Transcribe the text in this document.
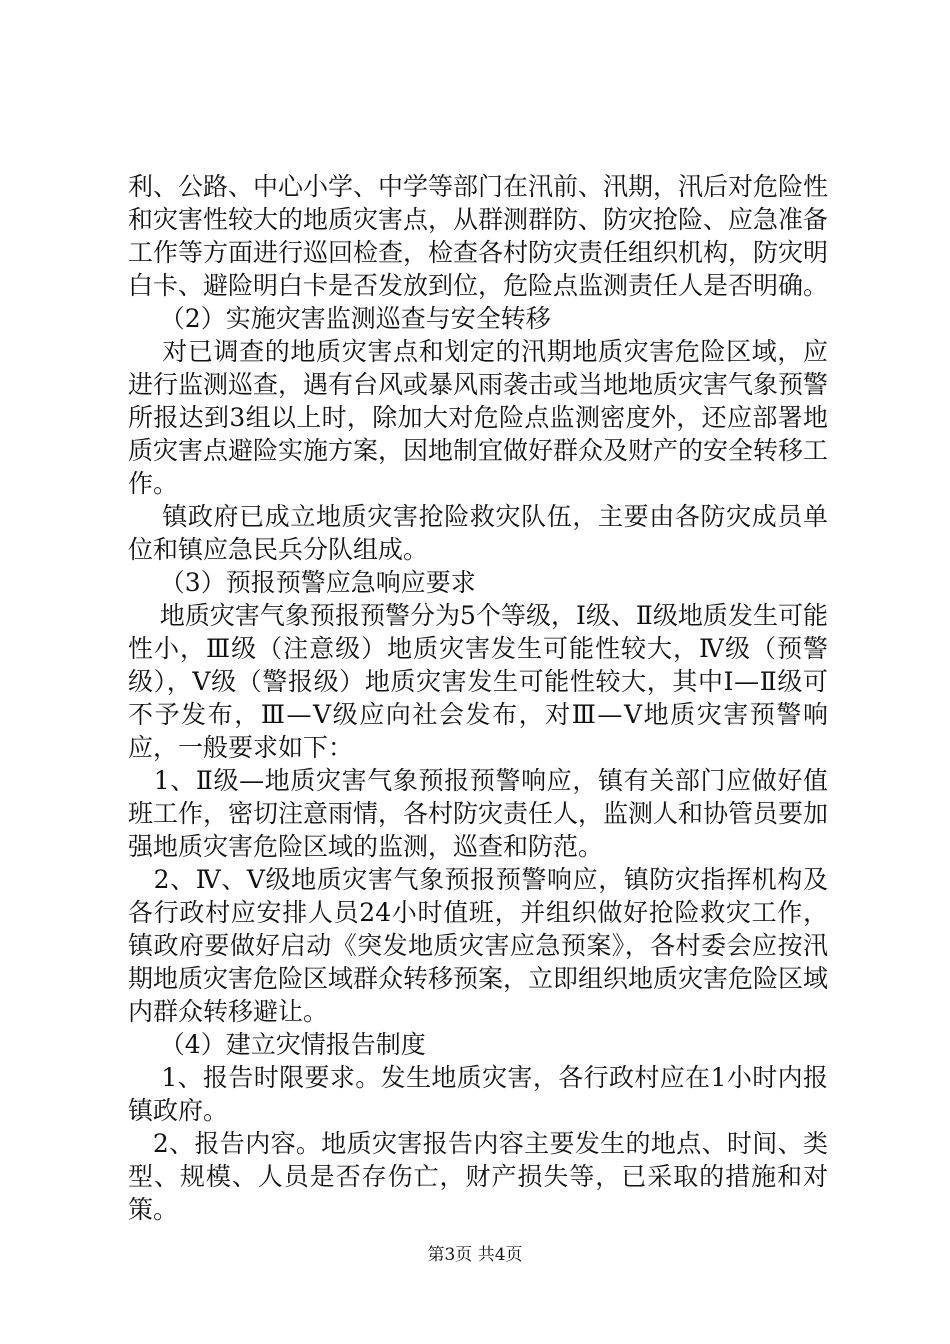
利、公路、中心小学、中学等部门在汛前、汛期，汛后对危险性和灾害性较大的地质灾害点，从群测群防、防灾抢险、应急准备工作等方面进行巡回检查，检查各村防灾责任组织机构，防灾明白卡、避险明白卡是否发放到位，危险点监测责任人是否明确。

（2）实施灾害监测巡查与安全转移

对已调查的地质灾害点和划定的汛期地质灾害危险区域，应进行监测巡查，遇有台风或暴风雨袭击或当地地质灾害气象预警所报达到3组以上时，除加大对危险点监测密度外，还应部署地质灾害点避险实施方案，因地制宜做好群众及财产的安全转移工作。

镇政府已成立地质灾害抢险救灾队伍，主要由各防灾成员单位和镇应急民兵分队组成。

（3）预报预警应急响应要求

地质灾害气象预报预警分为5个等级，Ⅰ级、Ⅱ级地质发生可能性小，Ⅲ级（注意级）地质灾害发生可能性较大，Ⅳ级（预警级），Ⅴ级（警报级）地质灾害发生可能性较大，其中Ⅰ—Ⅱ级可不予发布，Ⅲ—Ⅴ级应向社会发布，对Ⅲ—Ⅴ地质灾害预警响应，一般要求如下：

1、Ⅱ级—地质灾害气象预报预警响应，镇有关部门应做好值班工作，密切注意雨情，各村防灾责任人，监测人和协管员要加强地质灾害危险区域的监测，巡查和防范。

2、Ⅳ、Ⅴ级地质灾害气象预报预警响应，镇防灾指挥机构及各行政村应安排人员24小时值班，并组织做好抢险救灾工作，镇政府要做好启动《突发地质灾害应急预案》，各村委会应按汛期地质灾害危险区域群众转移预案，立即组织地质灾害危险区域内群众转移避让。

（4）建立灾情报告制度

1、报告时限要求。发生地质灾害，各行政村应在1小时内报镇政府。

2、报告内容。地质灾害报告内容主要发生的地点、时间、类型、规模、人员是否存伤亡，财产损失等，已采取的措施和对策。

第3页 共4页
